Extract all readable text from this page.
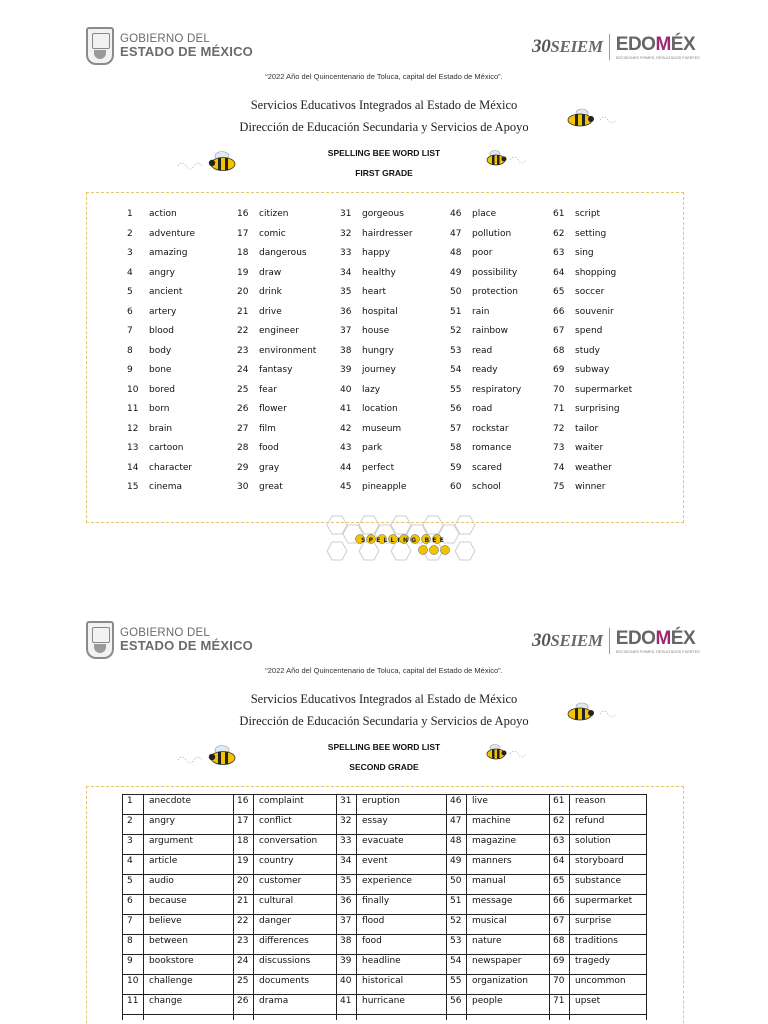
GOBIERNO DEL
ESTADO DE MÉXICO	30SEIEM EDOMÉX
DECISIONES FIRMES, RESULTADOS FUERTES
“2022 Año del Quincentenario de Toluca, capital del Estado de México”.
Servicios Educativos Integrados al Estado de México
Dirección de Educación Secundaria y Servicios de Apoyo
SPELLING BEE WORD LIST
FIRST GRADE
1 action
2 adventure
3 amazing
4 angry
5 ancient
6 artery
7 blood
8 body
9 bone
10 bored
11 born
12 brain
13 cartoon
14 character
15 cinema
16 citizen
17 comic
18 dangerous
19 draw
20 drink
21 drive
22 engineer
23 environment
24 fantasy
25 fear
26 flower
27 film
28 food
29 gray
30 great
31 gorgeous
32 hairdresser
33 happy
34 healthy
35 heart
36 hospital
37 house
38 hungry
39 journey
40 lazy
41 location
42 museum
43 park
44 perfect
45 pineapple
46 place
47 pollution
48 poor
49 possibility
50 protection
51 rain
52 rainbow
53 read
54 ready
55 respiratory
56 road
57 rockstar
58 romance
59 scared
60 school
61 script
62 setting
63 sing
64 shopping
65 soccer
66 souvenir
67 spend
68 study
69 subway
70 supermarket
71 surprising
72 tailor
73 waiter
74 weather
75 winner
SPELLING BEE
GOBIERNO DEL
ESTADO DE MÉXICO	30SEIEM EDOMÉX
DECISIONES FIRMES, RESULTADOS FUERTES
“2022 Año del Quincentenario de Toluca, capital del Estado de México”.
Servicios Educativos Integrados al Estado de México
Dirección de Educación Secundaria y Servicios de Apoyo
SPELLING BEE WORD LIST
SECOND GRADE
1 anecdote
2 angry
3 argument
4 article
5 audio
6 because
7 believe
8 between
9 bookstore
10 challenge
11 change
16 complaint
17 conflict
18 conversation
19 country
20 customer
21 cultural
22 danger
23 differences
24 discussions
25 documents
26 drama
31 eruption
32 essay
33 evacuate
34 event
35 experience
36 finally
37 flood
38 food
39 headline
40 historical
41 hurricane
46 live
47 machine
48 magazine
49 manners
50 manual
51 message
52 musical
53 nature
54 newspaper
55 organization
56 people
61 reason
62 refund
63 solution
64 storyboard
65 substance
66 supermarket
67 surprise
68 traditions
69 tragedy
70 uncommon
71 upset
